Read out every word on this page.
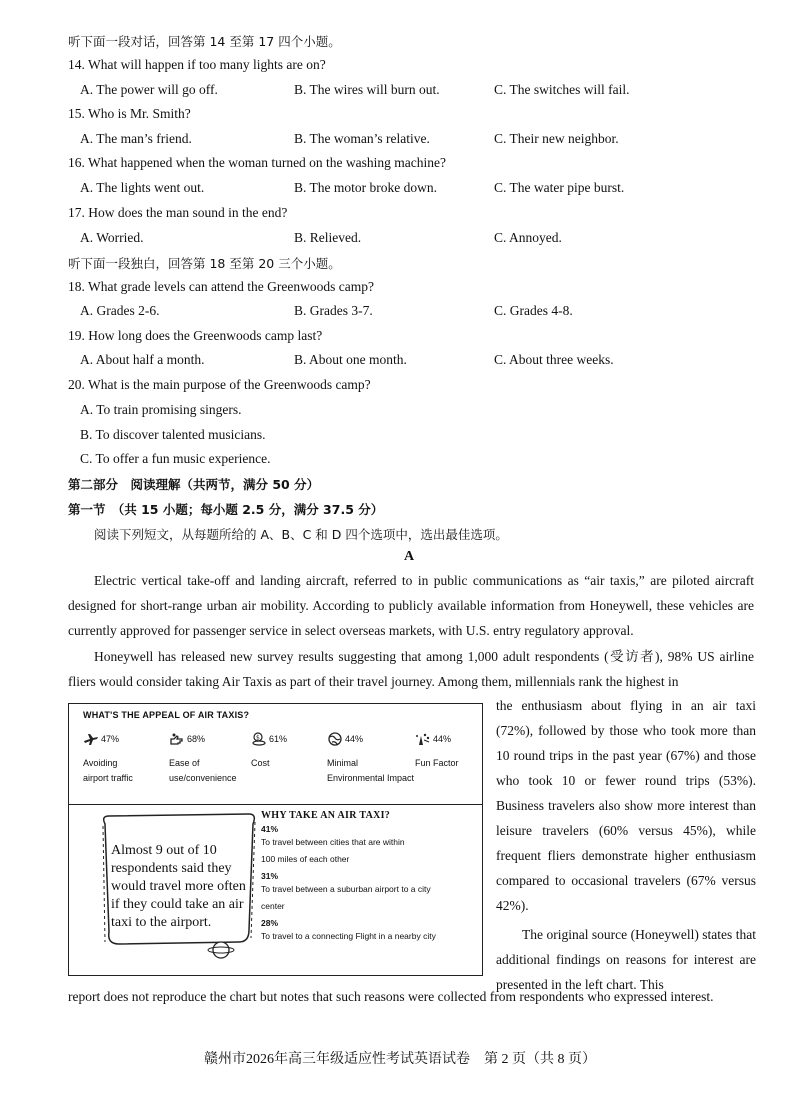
听下面一段对话，回答第 14 至第 17 四个小题。
14. What will happen if too many lights are on?
A. The power will go off.	B. The wires will burn out.	C. The switches will fail.
15. Who is Mr. Smith?
A. The man’s friend.	B. The woman’s relative.	C. Their new neighbor.
16. What happened when the woman turned on the washing machine?
A. The lights went out.	B. The motor broke down.	C. The water pipe burst.
17. How does the man sound in the end?
A. Worried.	B. Relieved.	C. Annoyed.
听下面一段独白，回答第 18 至第 20 三个小题。
18. What grade levels can attend the Greenwoods camp?
A. Grades 2-6.	B. Grades 3-7.	C. Grades 4-8.
19. How long does the Greenwoods camp last?
A. About half a month.	B. About one month.	C. About three weeks.
20. What is the main purpose of the Greenwoods camp?
A. To train promising singers.
B. To discover talented musicians.
C. To offer a fun music experience.
第二部分　阅读理解（共两节，满分 50 分）
第一节　（共 15 小题；每小题 2.5 分，满分 37.5 分）
阅读下列短文，从每题所给的 A、B、C 和 D 四个选项中，选出最佳选项。
A

Electric vertical take-off and landing aircraft, referred to in public communications as “air taxis,” are piloted aircraft designed for short-range urban air mobility. According to publicly available information from Honeywell, these vehicles are currently approved for passenger service in select overseas markets, with U.S. entry regulatory approval.

Honeywell has released new survey results suggesting that among 1,000 adult respondents (受访者), 98% US airline fliers would consider taking Air Taxis as part of their travel journey. Among them, millennials rank the highest in

the enthusiasm about flying in an air taxi (72%), followed by those who took more than 10 round trips in the past year (67%) and those who took 10 or fewer round trips (53%). Business travelers also show more interest than leisure travelers (60% versus 45%), while frequent fliers demonstrate higher enthusiasm compared to occasional travelers (67% versus 42%).

The original source (Honeywell) states that additional findings on reasons for interest are presented in the left chart. This

report does not reproduce the chart but notes that such reasons were collected from respondents who expressed interest.
WHAT'S THE APPEAL OF AIR TAXIS?
47%
Avoiding
airport traffic
68%
Ease of
use/convenience
$ 61%
Cost

44%
Minimal
Environmental Impact
44%
Fun Factor

Almost 9 out of 10 respondents said they would travel more often if they could take an air taxi to the airport.
WHY TAKE AN AIR TAXI?
41%
To travel between cities that are within
100 miles of each other
31%
To travel between a suburban airport to a city
center
28%
To travel to a connecting Flight in a nearby city
赣州市2026年高三年级适应性考试英语试卷　第 2 页（共 8 页）
